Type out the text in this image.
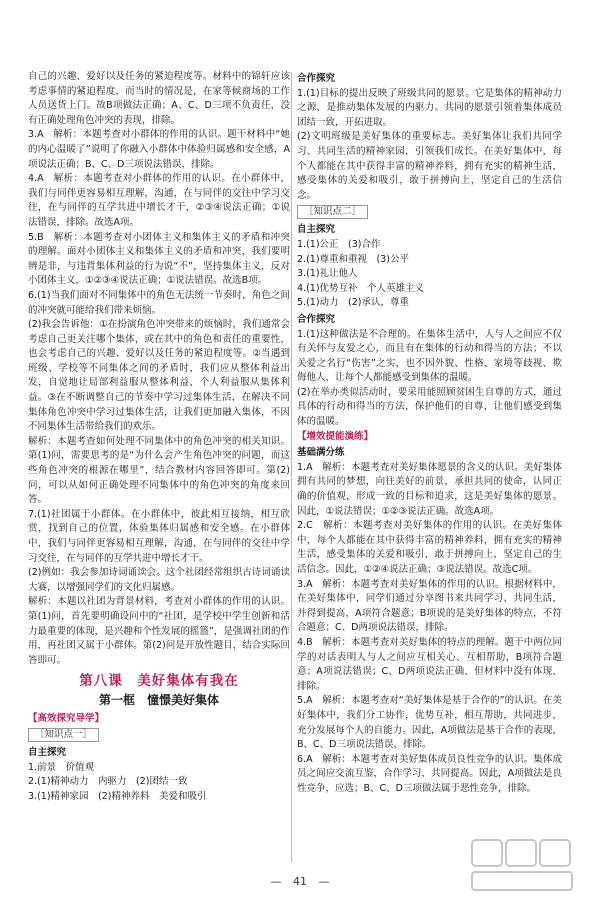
自己的兴趣、爱好以及任务的紧迫程度等。材料中的锦轩应该考虑事情的紧迫程度，而当时的情况是，在家等候商场的工作人员送货上门。故B项做法正确；A、C、D三项不负责任，没有正确处理角色冲突的表现，排除。

3.A　解析：本题考查对小群体的作用的认识。题干材料中“她的内心温暖了”说明了你融入小群体中体验归属感和安全感，A项说法正确；B、C、D三项说法错误，排除。

4.A　解析：本题考查对小群体的作用的认识。在小群体中，我们与同伴更容易相互理解，沟通，在与同伴的交往中学习交往，在与同伴的互学共进中增长才干，②③④说法正确；①说法错误，排除。故选A项。

5.B　解析：本题考查对小团体主义和集体主义的矛盾和冲突的理解。面对小团体主义和集体主义的矛盾和冲突，我们要明辨是非，与违背集体利益的行为说“不”，坚持集体主义，反对小团体主义，①②③④说法正确；①说法错误。故选B项。

6.(1)当我们面对不同集体中的角色无法统一节奏时，角色之间的冲突就可能给我们带来烦恼。

(2)我会告诉他：①在扮演角色冲突带来的烦恼时，我们通常会考虑自己更关注哪个集体，或在其中的角色和责任的重要性，也会考虑自己的兴趣、爱好以及任务的紧迫程度等。②当遇到班级、学校等不同集体之间的矛盾时，我们应从整体利益出发，自觉地让局部利益服从整体利益，个人利益服从集体利益。③在不断调整自己的节奏中学习过集体生活，在解决不同集体角色冲突中学习过集体生活，让我们更加融入集体，不因不同集体生活带给我们的欢乐。

解析：本题考查如何处理不同集体中的角色冲突的相关知识。第(1)问，需要思考的是“为什么会产生角色冲突的问题，而这些角色冲突的根源在哪里”，结合教材内容回答即可。第(2)问，可以从如何正确处理不同集体中的角色冲突的角度来回答。

7.(1)社团属于小群体。在小群体中，彼此相互接纳，相互欣赏，找到自己的位置，体验集体归属感和安全感。在小群体中，我们与同伴更容易相互理解，沟通，在与同伴的交往中学习交往，在与同伴的互学共进中增长才干。

(2)例如：我会参加诗词诵读会。这个社团经常组织古诗词诵读大赛，以增强同学们的文化归属感。

解析：本题以社团为背景材料，考查对小群体的作用的认识。第(1)问，首先要明确设问中的“社团，是学校中学生创新和活力最重要的体现，是兴趣和个性发展的摇篮”，是强调社团的作用，再社团又属于小群体。第(2)问是开放性题目，结合实际回答即可。

第八课　美好集体有我在
第一框　憧憬美好集体
【高效探究导学】
［知识点一］
自主探究

1.前景　价值观

2.(1)精神动力　内驱力　(2)团结一致

3.(1)精神家园　(2)精神养料　美爱和吸引

合作探究

1.(1)目标的提出反映了班级共同的愿景。它是集体的精神动力之源，是推动集体发展的内驱力。共同的愿景引领着集体成员团结一致，开拓进取。

(2)文明班级是美好集体的重要标志。美好集体让我们共同学习、共同生活的精神家园，引领我们成长。在美好集体中，每个人都能在其中获得丰富的精神养料，拥有充实的精神生活，感受集体的关爱和吸引，敢于拼搏向上，坚定自己的生活信念。

［知识点二］
自主探究

1.(1)公正　(3)合作

2.(1)尊重和重视　(3)公平

3.(1)礼让他人

4.(1)优势互补　个人英雄主义

5.(1)动力　(2)承认，尊重

合作探究

1.(1)这种做法是不合理的。在集体生活中，人与人之间应不仅有关怀与友爱之心，而且有在集体的行动和得当的方法；不以关爱之名行“伤害”之实，也不因外貌、性格、家境等歧视、欺侮他人，让每个人都能感受到集体的温暖。

(2)在举办类似活动时，要采用能照顾贫困生自尊的方式，通过具体的行动和得当的方法，保护他们的自尊，让他们感受到集体的温暖。

【增效提能演练】
基础满分练

1.A　解析：本题考查对美好集体愿景的含义的认识。美好集体拥有共同的梦想，向往美好的前景，承担共同的使命，认同正确的价值观，形成一致的目标和追求，这是美好集体的愿景。因此，①说法错误；①②③说法正确。故选A项。

2.C　解析：本题考查对美好集体的作用的认识。在美好集体中，每个人都能在其中获得丰富的精神养料，拥有充实的精神生活，感受集体的关爱和吸引，敢于拼搏向上，坚定自己的生活信念。因此，①②④说法正确；③说法错误。故选C项。

3.A　解析：本题考查对美好集体的作用的认识。根据材料中，在美好集体中，同学们通过分享图书来共同学习、共同生活，并得到提高，A项符合题意；B项说的是美好集体的特点，不符合题意；C、D两项说法错误，排除。

4.B　解析：本题考查对美好集体的特点的理解。题干中两位同学的对话表明人与人之间应互相关心、互相帮助，B项符合题意；A项说法错误；C、D两项说法正确，但材料中没有体现，排除。

5.A　解析：本题考查对“美好集体是基于合作的”的认识。在美好集体中，我们分工协作，优势互补，相互帮助，共同进步，充分发展每个人的自能力。因此，A项做法是基于合作的表现，B、C、D三项说法错误，排除。

6.A　解析：本题考查对美好集体成员良性竞争的认识。集体成员之间应交流互鉴，合作学习，共同提高。因此，A项做法是良性竞争，应选；B、C、D三项做法属于恶性竞争，排除。

— 41 —
